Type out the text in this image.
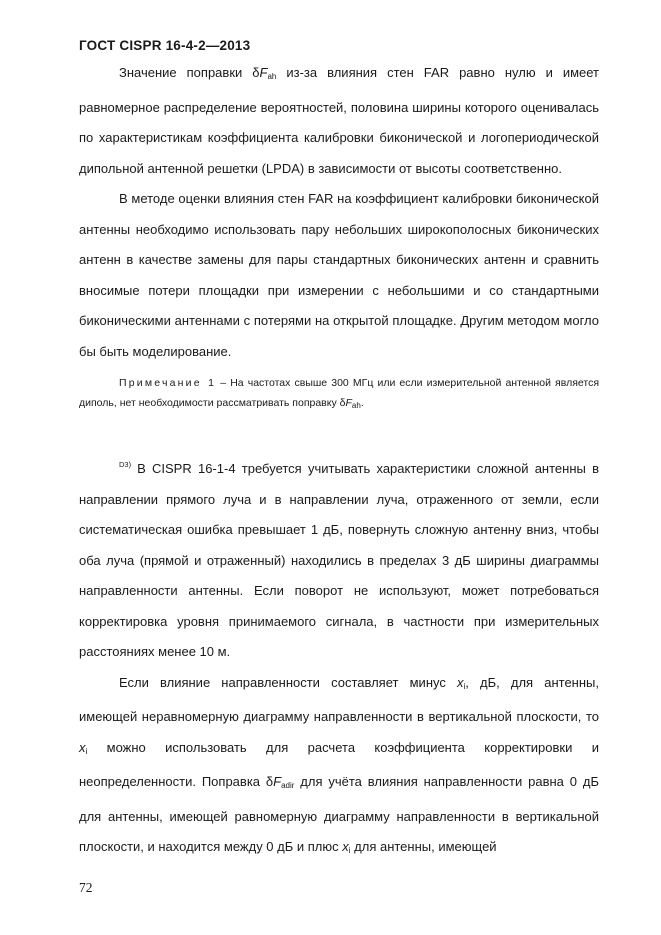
ГОСТ CISPR 16-4-2—2013

Значение поправки $\delta F_{ah}$ из-за влияния стен FAR равно нулю и имеет равномерное распределение вероятностей, половина ширины которого оценивалась по характеристикам коэффициента калибровки биконической и логопериодической дипольной антенной решетки (LPDA) в зависимости от высоты соответственно.

В методе оценки влияния стен FAR на коэффициент калибровки биконической антенны необходимо использовать пару небольших широкополосных биконических антенн в качестве замены для пары стандартных биконических антенн и сравнить вносимые потери площадки при измерении с небольшими и со стандартными биконическими антеннами с потерями на открытой площадке. Другим методом могло бы быть моделирование.

Примечание 1 – На частотах свыше 300 МГц или если измерительной антенной является диполь, нет необходимости рассматривать поправку $\delta F_{ah}$.

$^{D3)}$ В CISPR 16-1-4 требуется учитывать характеристики сложной антенны в направлении прямого луча и в направлении луча, отраженного от земли, если систематическая ошибка превышает 1 дБ, повернуть сложную антенну вниз, чтобы оба луча (прямой и отраженный) находились в пределах 3 дБ ширины диаграммы направленности антенны. Если поворот не используют, может потребоваться корректировка уровня принимаемого сигнала, в частности при измерительных расстояниях менее 10 м.

Если влияние направленности составляет минус $x_i$, дБ, для антенны, имеющей неравномерную диаграмму направленности в вертикальной плоскости, то $x_i$ можно использовать для расчета коэффициента корректировки и неопределенности. Поправка $\delta F_{adir}$ для учёта влияния направленности равна 0 дБ для антенны, имеющей равномерную диаграмму направленности в вертикальной плоскости, и находится между 0 дБ и плюс $x_i$ для антенны, имеющей

72
